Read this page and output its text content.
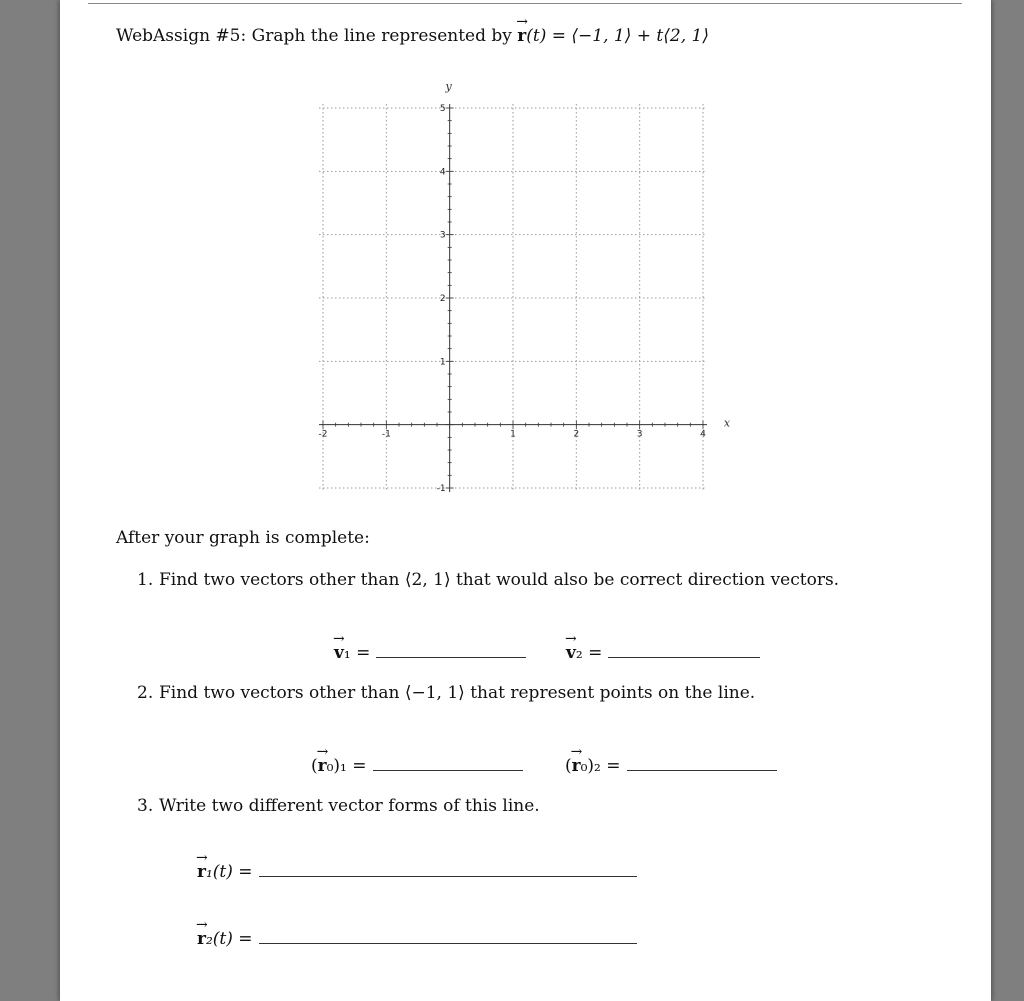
WebAssign #5: Graph the line represented by → r(t) = ⟨−1, 1⟩ + t⟨2, 1⟩
-2	-1	1	2	3	4
-1
1
2
3
4
5
x
y
After your graph is complete:
1. Find two vectors other than ⟨2, 1⟩ that would also be correct direction vectors.
→ v ₁ =	→ v ₂ =
2. Find two vectors other than ⟨−1, 1⟩ that represent points on the line.
( → r ₀)₁ =	( → r ₀)₂ =
3. Write two different vector forms of this line.
→ r ₁(t) =
→ r ₂(t) =
